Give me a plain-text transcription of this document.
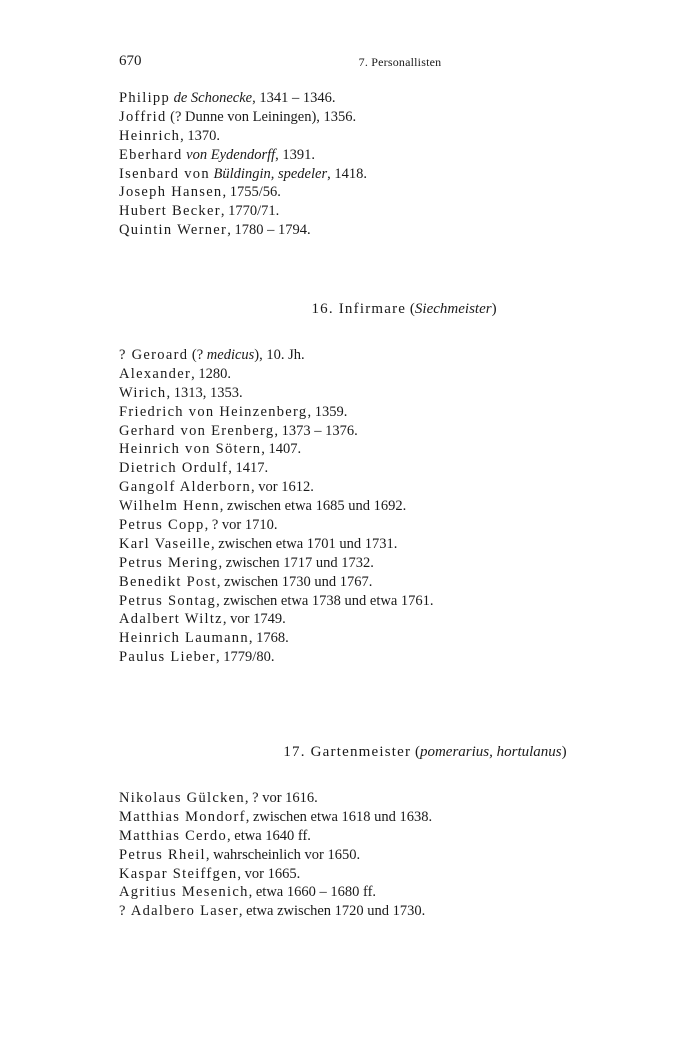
670	7. Personallisten
Philipp de Schonecke, 1341 – 1346.
Joffrid (? Dunne von Leiningen), 1356.
Heinrich, 1370.
Eberhard von Eydendorff, 1391.
Isenbard von Büldingin, spedeler, 1418.
Joseph Hansen, 1755/56.
Hubert Becker, 1770/71.
Quintin Werner, 1780 – 1794.
16. Infirmare (Siechmeister)
? Geroard (? medicus), 10. Jh.
Alexander, 1280.
Wirich, 1313, 1353.
Friedrich von Heinzenberg, 1359.
Gerhard von Erenberg, 1373 – 1376.
Heinrich von Sötern, 1407.
Dietrich Ordulf, 1417.
Gangolf Alderborn, vor 1612.
Wilhelm Henn, zwischen etwa 1685 und 1692.
Petrus Copp, ? vor 1710.
Karl Vaseille, zwischen etwa 1701 und 1731.
Petrus Mering, zwischen 1717 und 1732.
Benedikt Post, zwischen 1730 und 1767.
Petrus Sontag, zwischen etwa 1738 und etwa 1761.
Adalbert Wiltz, vor 1749.
Heinrich Laumann, 1768.
Paulus Lieber, 1779/80.
17. Gartenmeister (pomerarius, hortulanus)
Nikolaus Gülcken, ? vor 1616.
Matthias Mondorf, zwischen etwa 1618 und 1638.
Matthias Cerdo, etwa 1640 ff.
Petrus Rheil, wahrscheinlich vor 1650.
Kaspar Steiffgen, vor 1665.
Agritius Mesenich, etwa 1660 – 1680 ff.
? Adalbero Laser, etwa zwischen 1720 und 1730.
